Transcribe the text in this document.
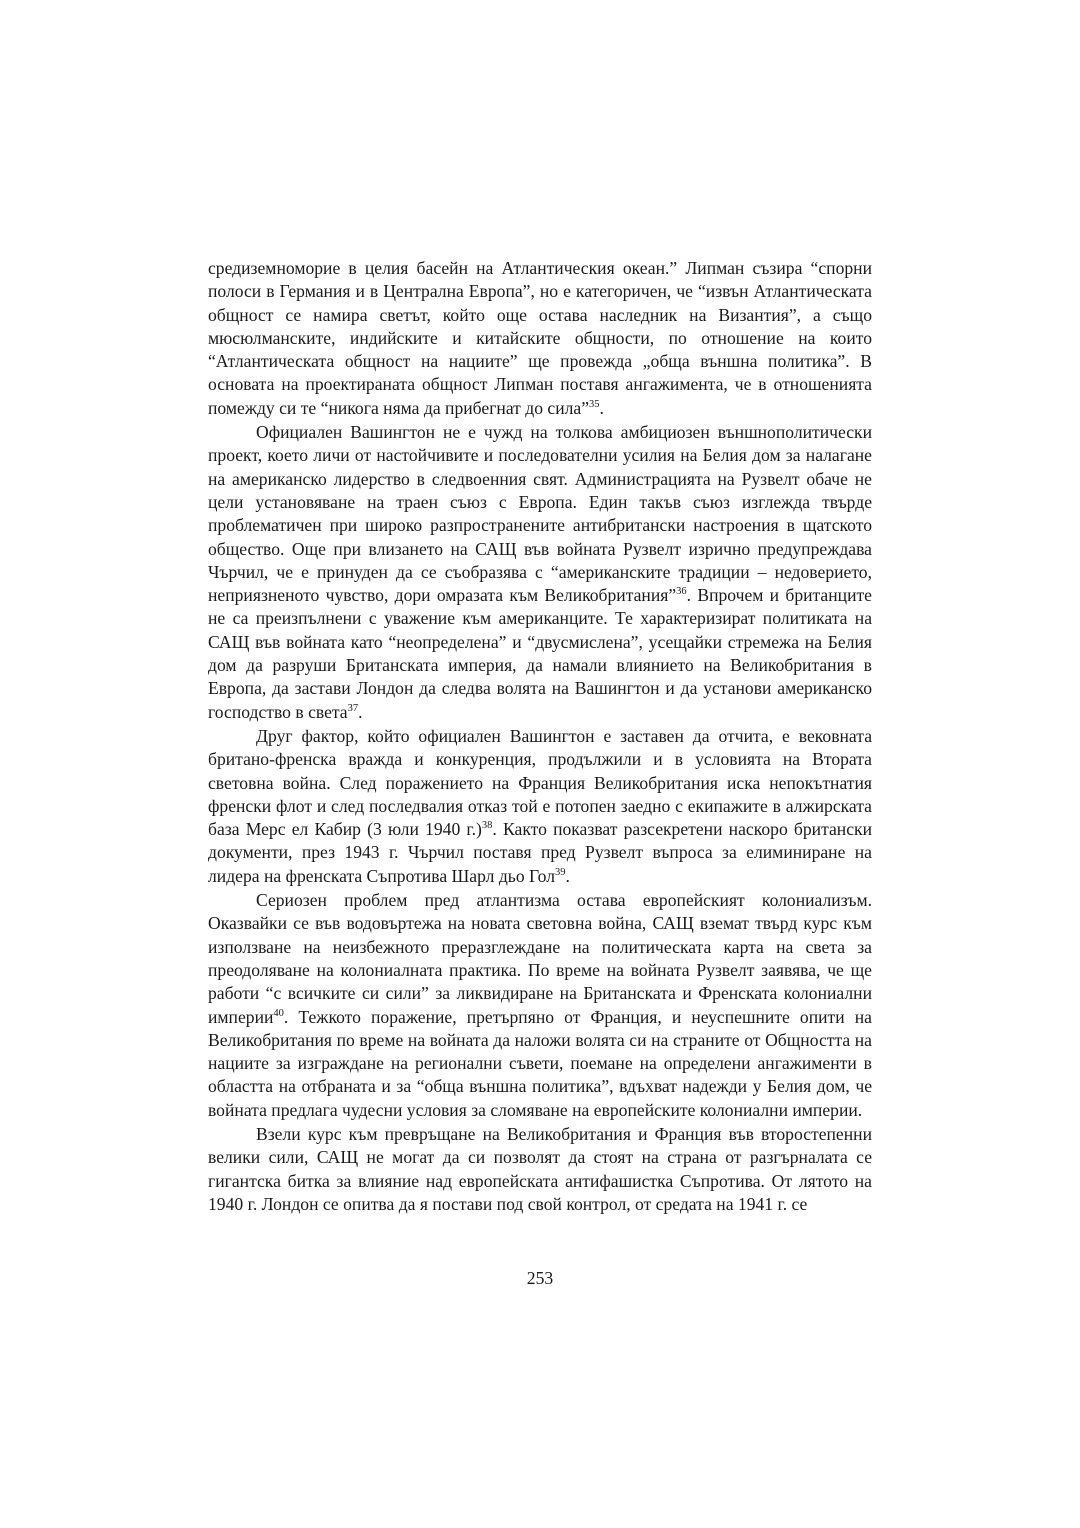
средиземноморие в целия басейн на Атлантическия океан.” Липман съзира “спорни полоси в Германия и в Централна Европа”, но е категоричен, че “извън Атлантическата общност се намира светът, който още остава наследник на Византия”, а също мюсюлманските, индийските и китайските общности, по отношение на които “Атлантическата общност на нациите” ще провежда „обща външна политика”. В основата на проектираната общност Липман поставя ангажимента, че в отношенията помежду си те “никога няма да прибегнат до сила”$^{35}$.

Официален Вашингтон не е чужд на толкова амбициозен външнополитически проект, което личи от настойчивите и последователни усилия на Белия дом за налагане на американско лидерство в следвоенния свят. Администрацията на Рузвелт обаче не цели установяване на траен съюз с Европа. Един такъв съюз изглежда твърде проблематичен при широко разпространените антибритански настроения в щатското общество. Още при влизането на САЩ във войната Рузвелт изрично предупреждава Чърчил, че е принуден да се съобразява с “американските традиции – недоверието, неприязненото чувство, дори омразата към Великобритания”$^{36}$. Впрочем и британците не са преизпълнени с уважение към американците. Те характеризират политиката на САЩ във войната като “неопределена” и “двусмислена”, усещайки стремежа на Белия дом да разруши Британската империя, да намали влиянието на Великобритания в Европа, да застави Лондон да следва волята на Вашингтон и да установи американско господство в света$^{37}$.

Друг фактор, който официален Вашингтон е заставен да отчита, е вековната британо-френска вражда и конкуренция, продължили и в условията на Втората световна война. След поражението на Франция Великобритания иска непокътнатия френски флот и след последвалия отказ той е потопен заедно с екипажите в алжирската база Мерс ел Кабир (3 юли 1940 г.)$^{38}$. Както показват разсекретени наскоро британски документи, през 1943 г. Чърчил поставя пред Рузвелт въпроса за елиминиране на лидера на френската Съпротива Шарл дьо Гол$^{39}$.

Сериозен проблем пред атлантизма остава европейският колониализъм. Оказвайки се във водовъртежа на новата световна война, САЩ вземат твърд курс към използване на неизбежното преразглеждане на политическата карта на света за преодоляване на колониалната практика. По време на войната Рузвелт заявява, че ще работи “с всичките си сили” за ликвидиране на Британската и Френската колониални империи$^{40}$. Тежкото поражение, претърпяно от Франция, и неуспешните опити на Великобритания по време на войната да наложи волята си на страните от Общността на нациите за изграждане на регионални съвети, поемане на определени ангажименти в областта на отбраната и за “обща външна политика”, вдъхват надежди у Белия дом, че войната предлага чудесни условия за сломяване на европейските колониални империи.

Взели курс към превръщане на Великобритания и Франция във второстепенни велики сили, САЩ не могат да си позволят да стоят на страна от разгърналата се гигантска битка за влияние над европейската антифашистка Съпротива. От лятото на 1940 г. Лондон се опитва да я постави под свой контрол, от средата на 1941 г. се

253
